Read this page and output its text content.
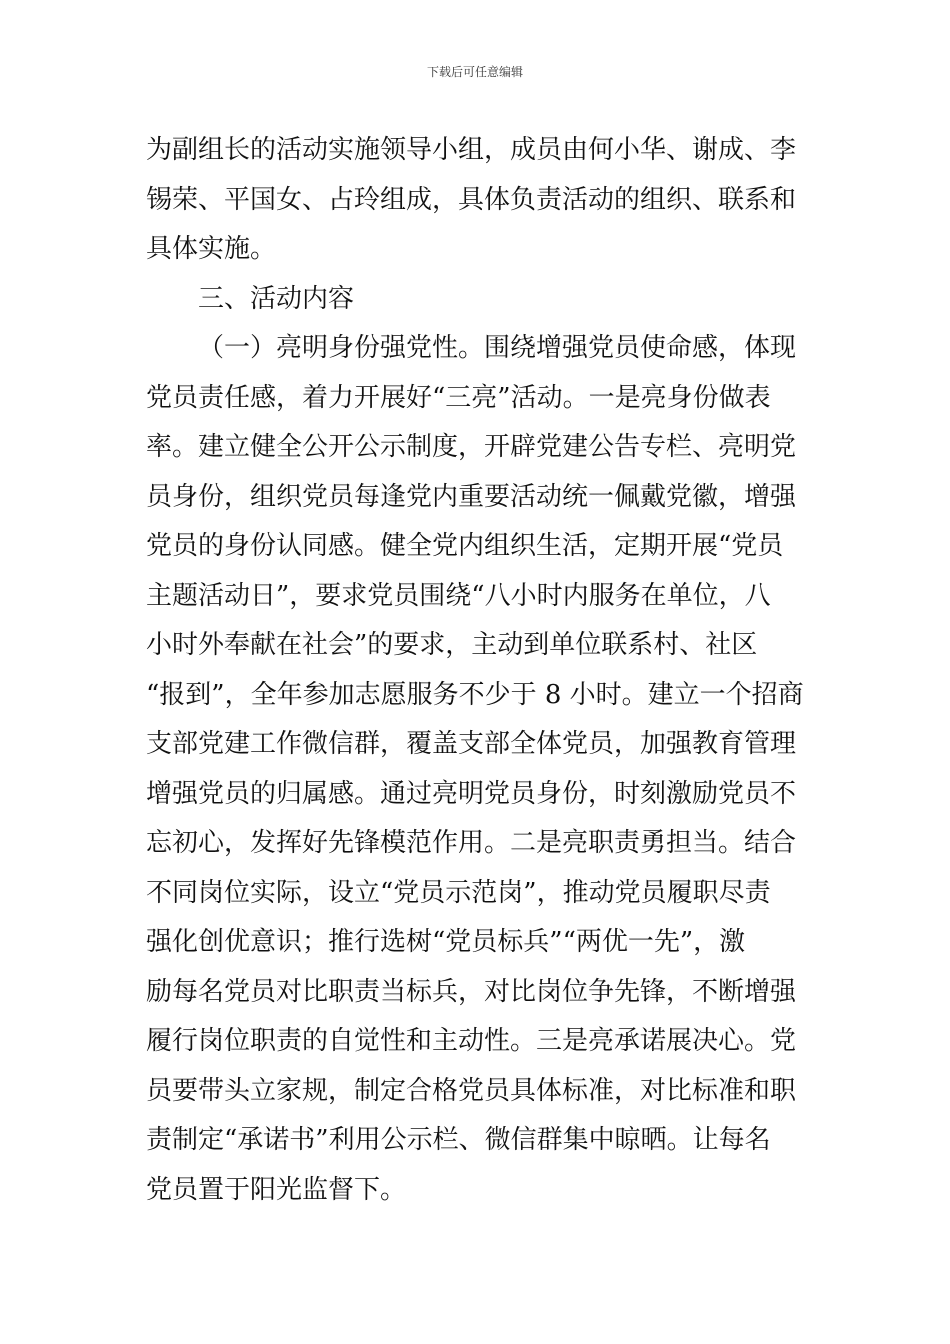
下载后可任意编辑

为副组长的活动实施领导小组，成员由何小华、谢成、李
锡荣、平国女、占玲组成，具体负责活动的组织、联系和
具体实施。

三、活动内容

（一）亮明身份强党性。围绕增强党员使命感，体现
党员责任感，着力开展好“三亮”活动。一是亮身份做表
率。建立健全公开公示制度，开辟党建公告专栏、亮明党
员身份，组织党员每逢党内重要活动统一佩戴党徽，增强
党员的身份认同感。健全党内组织生活，定期开展“党员
主题活动日”，要求党员围绕“八小时内服务在单位，八
小时外奉献在社会”的要求，主动到单位联系村、社区
“报到”，全年参加志愿服务不少于 8 小时。建立一个招商
支部党建工作微信群，覆盖支部全体党员，加强教育管理
增强党员的归属感。通过亮明党员身份，时刻激励党员不
忘初心，发挥好先锋模范作用。二是亮职责勇担当。结合
不同岗位实际，设立“党员示范岗”，推动党员履职尽责
强化创优意识；推行选树“党员标兵”“两优一先”，激
励每名党员对比职责当标兵，对比岗位争先锋，不断增强
履行岗位职责的自觉性和主动性。三是亮承诺展决心。党
员要带头立家规，制定合格党员具体标准，对比标准和职
责制定“承诺书”利用公示栏、微信群集中晾晒。让每名
党员置于阳光监督下。
